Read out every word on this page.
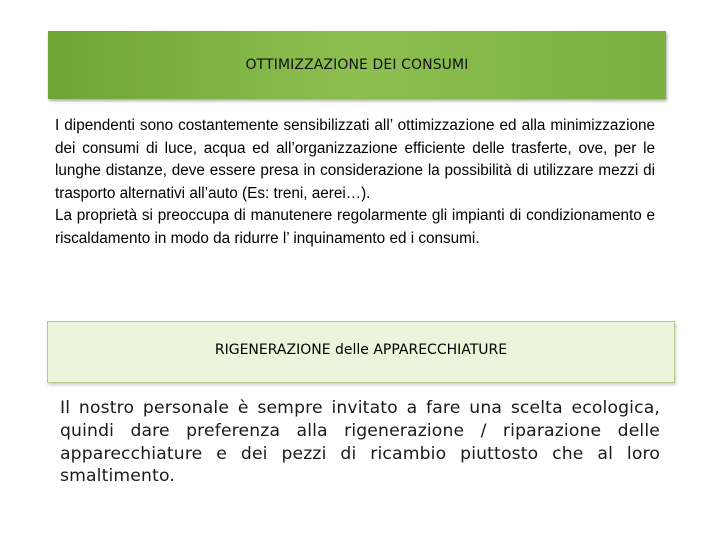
OTTIMIZZAZIONE DEI CONSUMI

I dipendenti sono costantemente sensibilizzati all’ ottimizzazione ed alla minimizzazione dei consumi di luce, acqua ed all’organizzazione efficiente delle trasferte, ove, per le lunghe distanze, deve essere presa in considerazione la possibilità di utilizzare mezzi di trasporto alternativi all’auto (Es: treni, aerei…).

La proprietà si preoccupa di manutenere regolarmente gli impianti di condizionamento e riscaldamento in modo da ridurre l’ inquinamento ed i consumi.

RIGENERAZIONE delle APPARECCHIATURE

Il nostro personale è sempre invitato a fare una scelta ecologica, quindi dare preferenza alla rigenerazione / riparazione delle apparecchiature e dei pezzi di ricambio piuttosto che al loro smaltimento.
